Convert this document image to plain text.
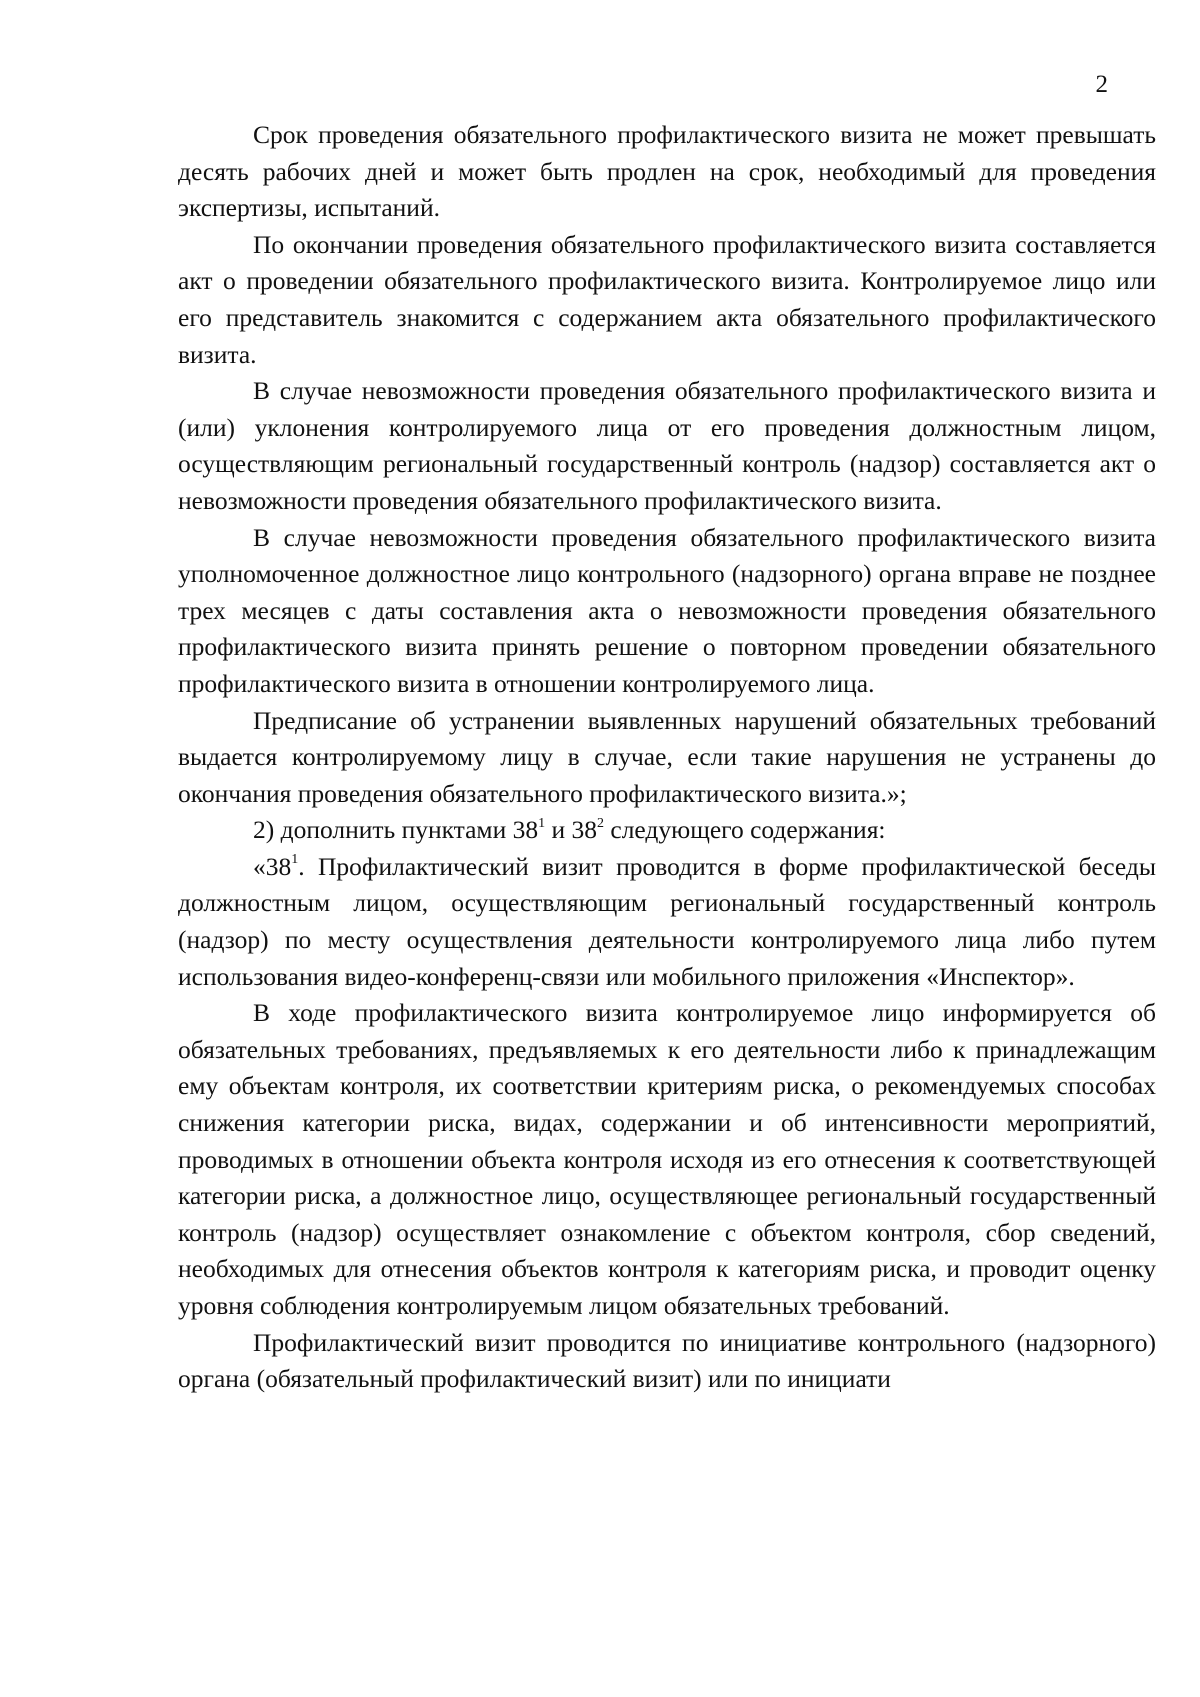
2

Срок проведения обязательного профилактического визита не может превышать десять рабочих дней и может быть продлен на срок, необходимый для проведения экспертизы, испытаний.

По окончании проведения обязательного профилактического визита составляется акт о проведении обязательного профилактического визита. Контролируемое лицо или его представитель знакомится с содержанием акта обязательного профилактического визита.

В случае невозможности проведения обязательного профилактического визита и (или) уклонения контролируемого лица от его проведения должностным лицом, осуществляющим региональный государственный контроль (надзор) составляется акт о невозможности проведения обязательного профилактического визита.

В случае невозможности проведения обязательного профилактического визита уполномоченное должностное лицо контрольного (надзорного) органа вправе не позднее трех месяцев с даты составления акта о невозможности проведения обязательного профилактического визита принять решение о повторном проведении обязательного профилактического визита в отношении контролируемого лица.

Предписание об устранении выявленных нарушений обязательных требований выдается контролируемому лицу в случае, если такие нарушения не устранены до окончания проведения обязательного профилактического визита.»;

2) дополнить пунктами $38^1$ и $38^2$ следующего содержания:

«$38^1$. Профилактический визит проводится в форме профилактической беседы должностным лицом, осуществляющим региональный государственный контроль (надзор) по месту осуществления деятельности контролируемого лица либо путем использования видео-конференц-связи или мобильного приложения «Инспектор».

В ходе профилактического визита контролируемое лицо информируется об обязательных требованиях, предъявляемых к его деятельности либо к принадлежащим ему объектам контроля, их соответствии критериям риска, о рекомендуемых способах снижения категории риска, видах, содержании и об интенсивности мероприятий, проводимых в отношении объекта контроля исходя из его отнесения к соответствующей категории риска, а должностное лицо, осуществляющее региональный государственный контроль (надзор) осуществляет ознакомление с объектом контроля, сбор сведений, необходимых для отнесения объектов контроля к категориям риска, и проводит оценку уровня соблюдения контролируемым лицом обязательных требований.

Профилактический визит проводится по инициативе контрольного (надзорного) органа (обязательный профилактический визит) или по инициати
